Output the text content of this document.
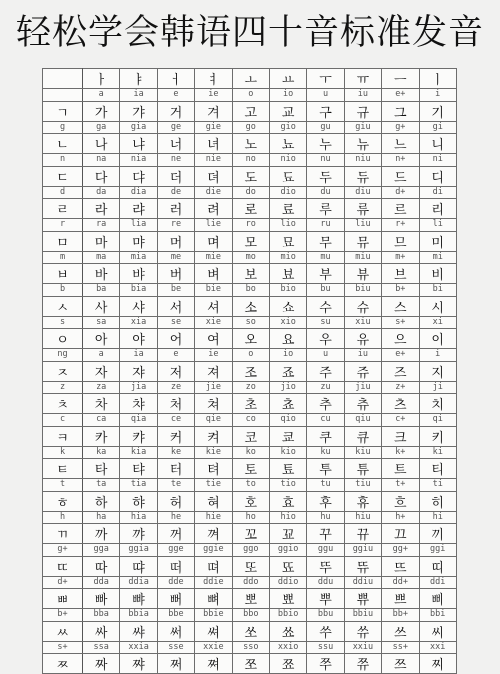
轻松学会韩语四十音标准发音
	ㅏ	ㅑ	ㅓ	ㅕ	ㅗ	ㅛ	ㅜ	ㅠ	ㅡ	ㅣ
	a	ia	e	ie	o	io	u	iu	e+	i
ㄱ	가	갸	거	겨	고	교	구	규	그	기
g	ga	gia	ge	gie	go	gio	gu	giu	g+	gi
ㄴ	나	냐	너	녀	노	뇨	누	뉴	느	니
n	na	nia	ne	nie	no	nio	nu	niu	n+	ni
ㄷ	다	댜	더	뎌	도	됴	두	듀	드	디
d	da	dia	de	die	do	dio	du	diu	d+	di
ㄹ	라	랴	러	려	로	료	루	류	르	리
r	ra	lia	re	lie	ro	lio	ru	liu	r+	li
ㅁ	마	먀	머	며	모	묘	무	뮤	므	미
m	ma	mia	me	mie	mo	mio	mu	miu	m+	mi
ㅂ	바	뱌	버	벼	보	뵤	부	뷰	브	비
b	ba	bia	be	bie	bo	bio	bu	biu	b+	bi
ㅅ	사	샤	서	셔	소	쇼	수	슈	스	시
s	sa	xia	se	xie	so	xio	su	xiu	s+	xi
ㅇ	아	야	어	여	오	요	우	유	으	이
ng	a	ia	e	ie	o	io	u	iu	e+	i
ㅈ	자	쟈	저	져	조	죠	주	쥬	즈	지
z	za	jia	ze	jie	zo	jio	zu	jiu	z+	ji
ㅊ	차	챠	처	쳐	초	쵸	추	츄	츠	치
c	ca	qia	ce	qie	co	qio	cu	qiu	c+	qi
ㅋ	카	캬	커	켜	코	쿄	쿠	큐	크	키
k	ka	kia	ke	kie	ko	kio	ku	kiu	k+	ki
ㅌ	타	탸	터	텨	토	툐	투	튜	트	티
t	ta	tia	te	tie	to	tio	tu	tiu	t+	ti
ㅎ	하	햐	허	혀	호	효	후	휴	흐	히
h	ha	hia	he	hie	ho	hio	hu	hiu	h+	hi
ㄲ	까	꺄	꺼	껴	꼬	꾜	꾸	뀨	끄	끼
g+	gga	ggia	gge	ggie	ggo	ggio	ggu	ggiu	gg+	ggi
ㄸ	따	땨	떠	뗘	또	뚀	뚜	뜌	뜨	띠
d+	dda	ddia	dde	ddie	ddo	ddio	ddu	ddiu	dd+	ddi
ㅃ	빠	뺘	뻐	뼈	뽀	뾰	뿌	쀼	쁘	삐
b+	bba	bbia	bbe	bbie	bbo	bbio	bbu	bbiu	bb+	bbi
ㅆ	싸	쌰	써	쎠	쏘	쑈	쑤	쓔	쓰	씨
s+	ssa	xxia	sse	xxie	sso	xxio	ssu	xxiu	ss+	xxi
ㅉ	짜	쨔	쩌	쪄	쪼	쬬	쭈	쮸	쯔	찌
